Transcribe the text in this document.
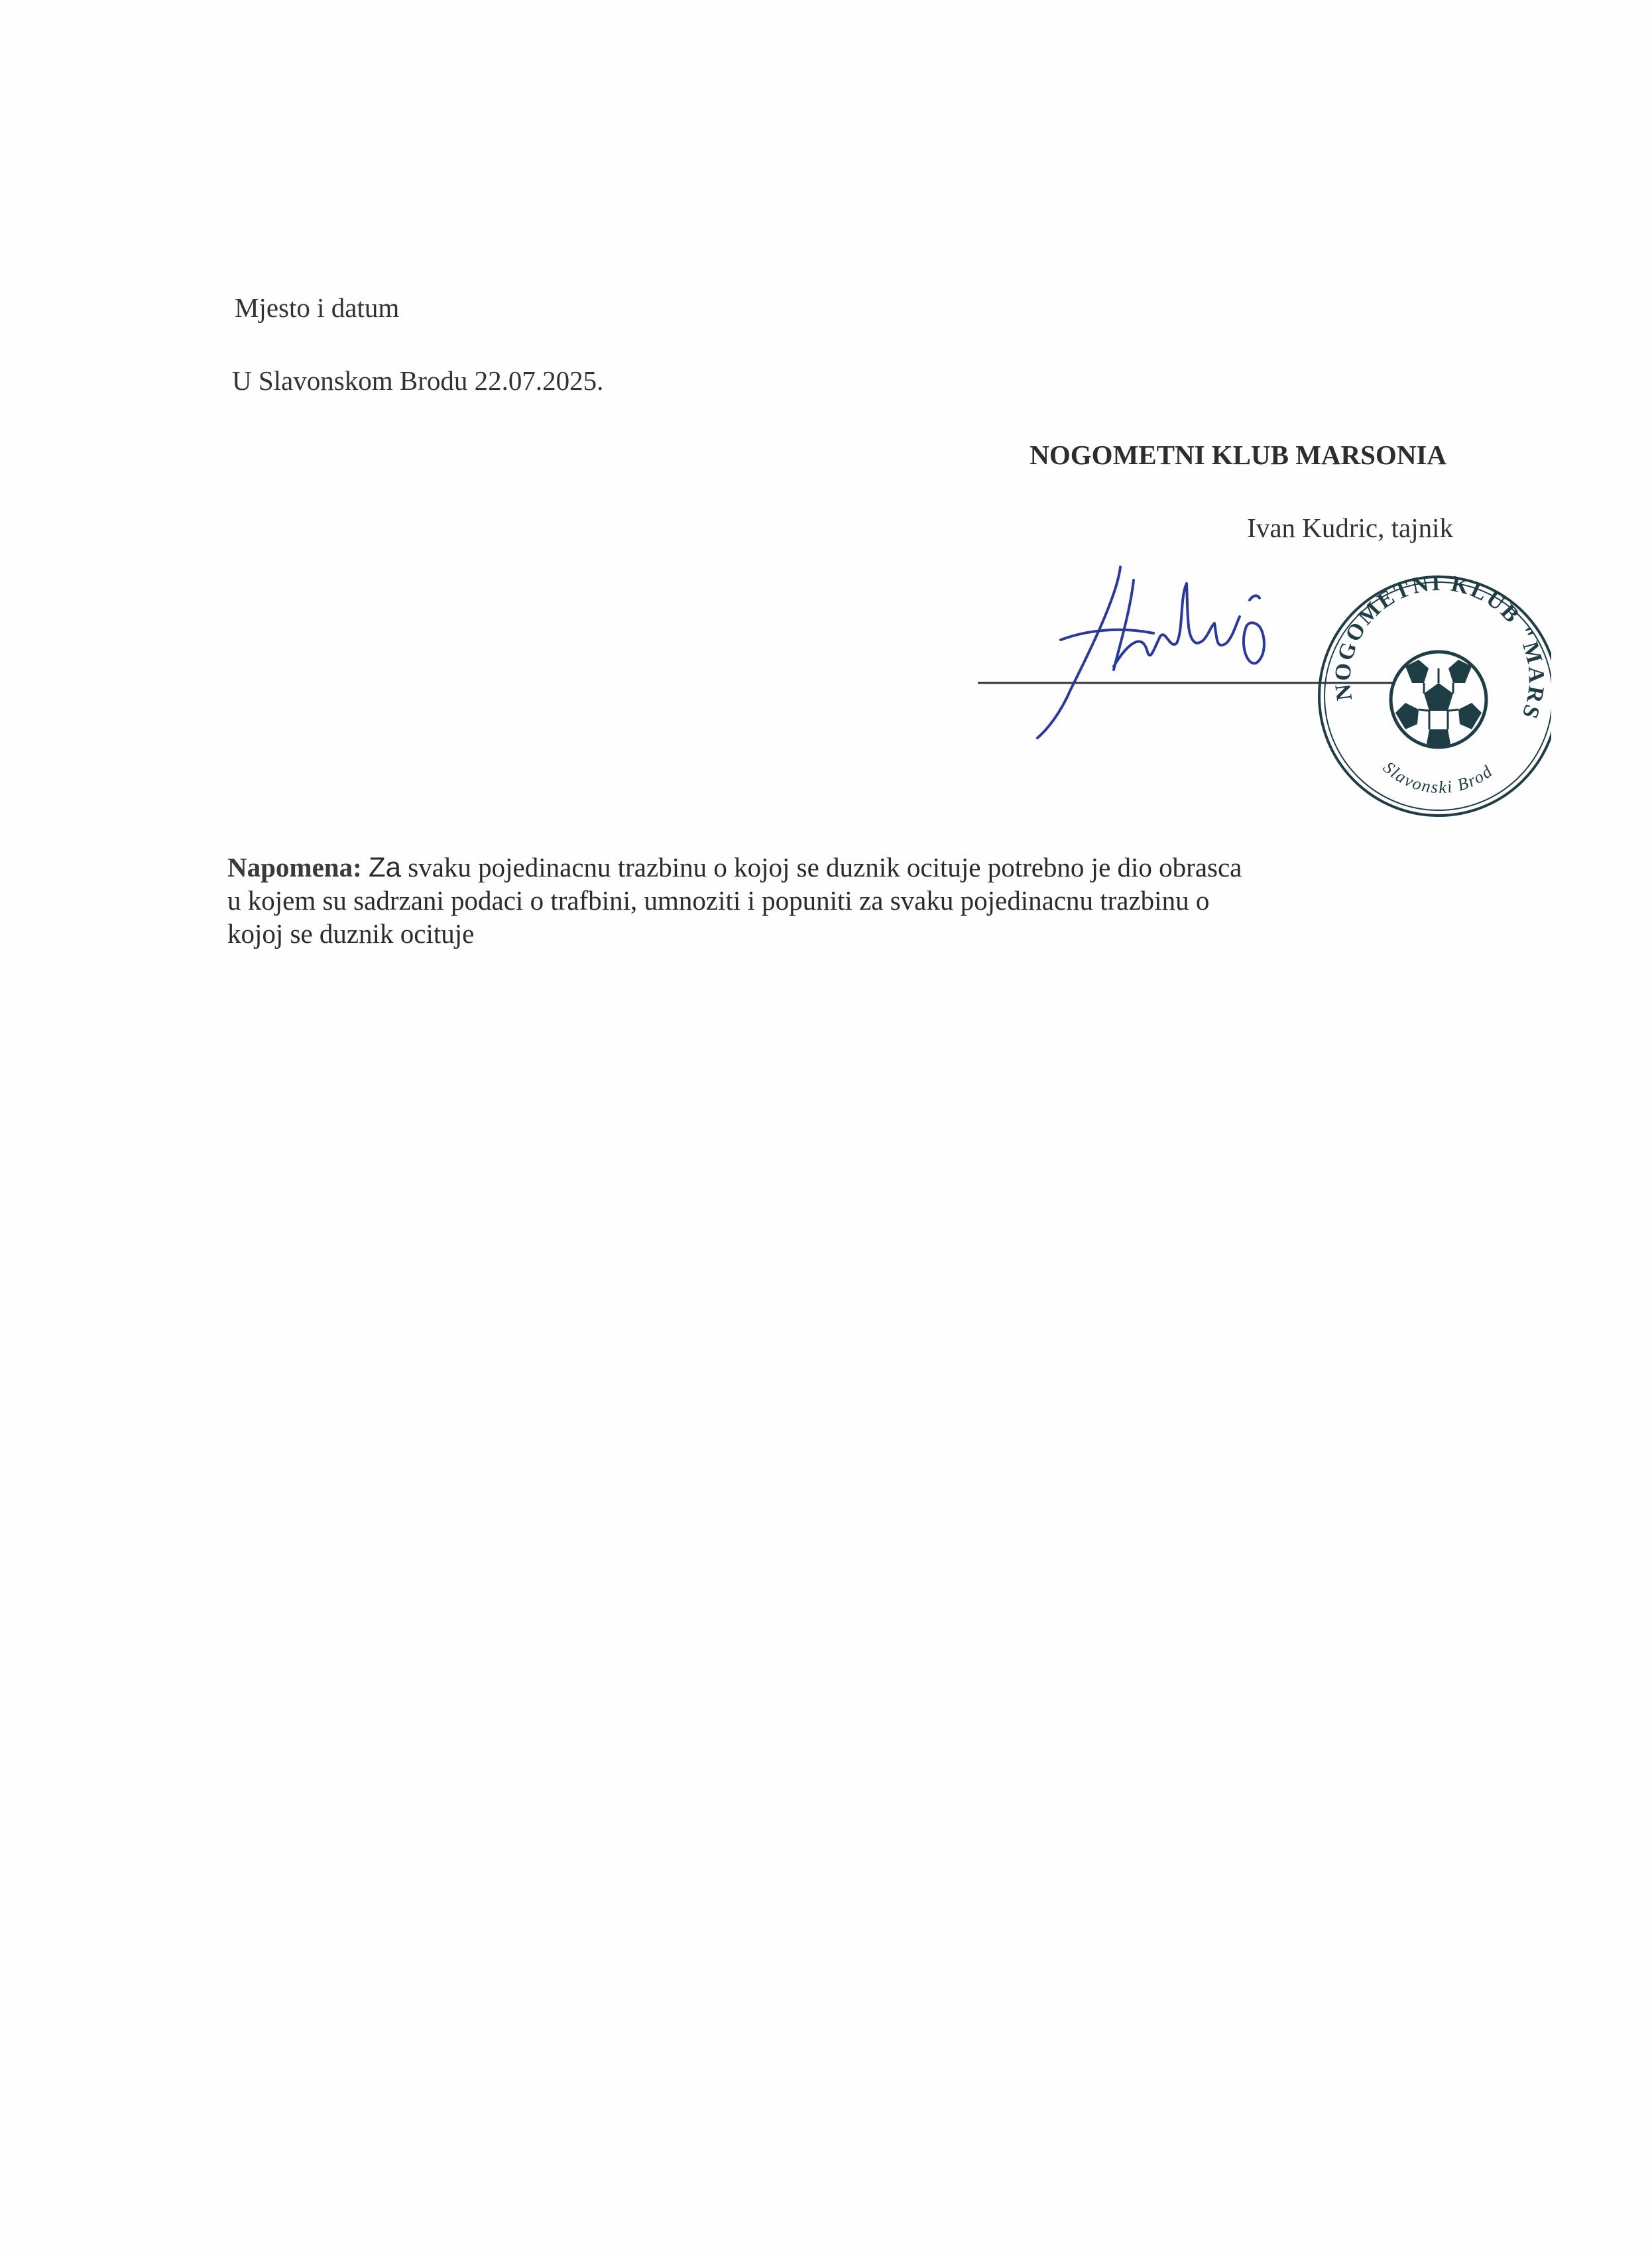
Mjesto i datum
U Slavonskom Brodu 22.07.2025.
NOGOMETNI KLUB MARSONIA
Ivan Kudric, tajnik
NOGOMETNI KLUB "MARS
Slavonski Brod
Napomena: Za svaku pojedinacnu trazbinu o kojoj se duznik ocituje potrebno je dio obrasca
u kojem su sadrzani podaci o trafbini, umnoziti i popuniti za svaku pojedinacnu trazbinu o
kojoj se duznik ocituje
